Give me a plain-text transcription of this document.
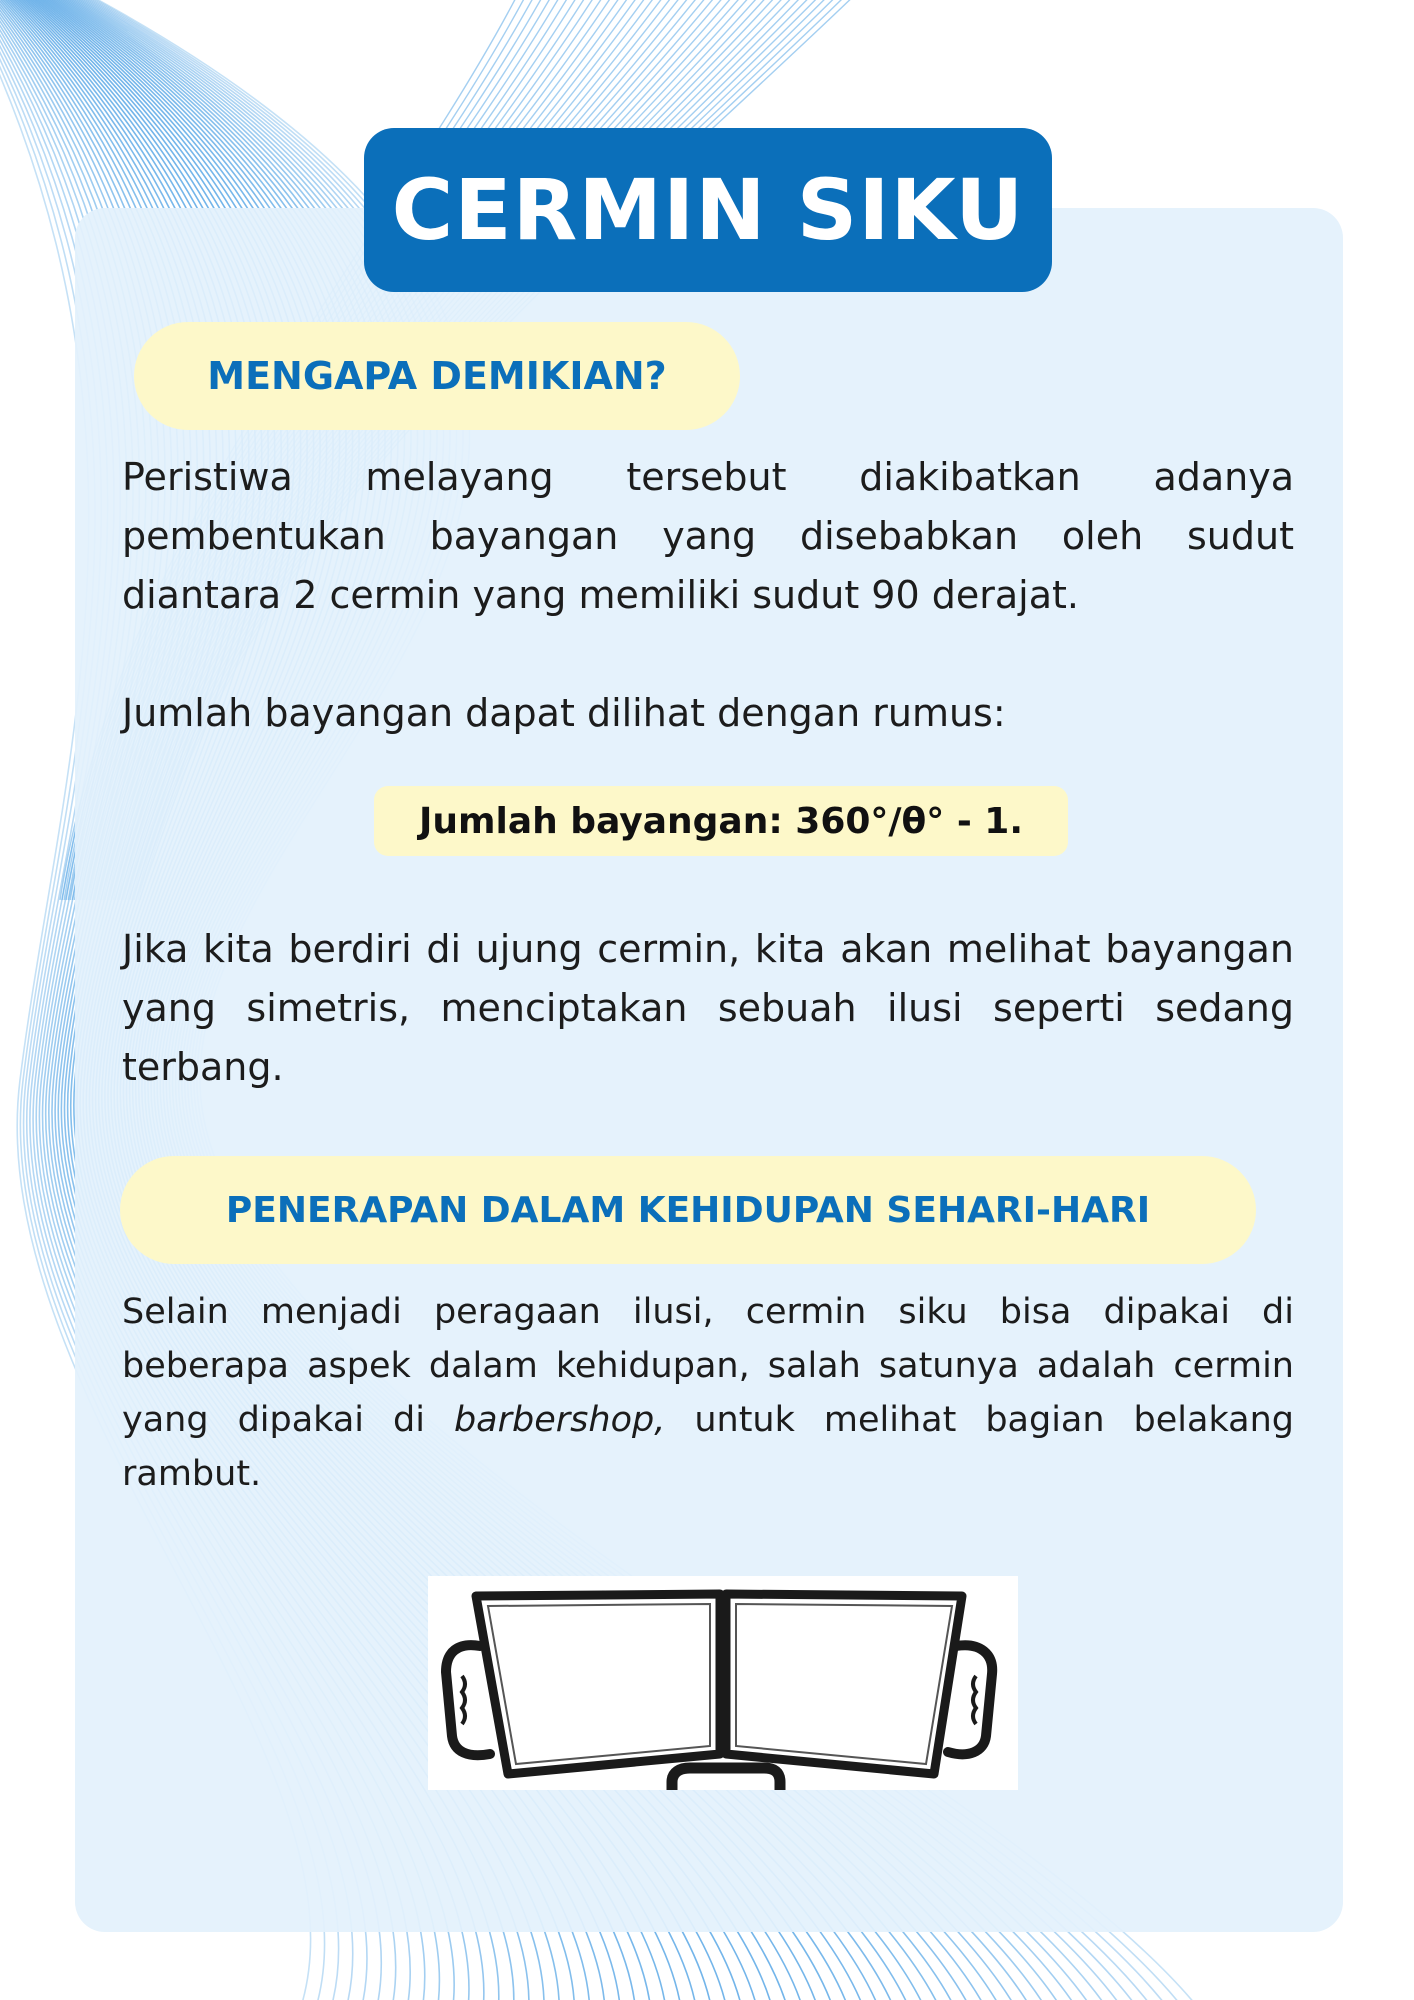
CERMIN SIKU
MENGAPA DEMIKIAN?
Peristiwa melayang tersebut diakibatkan adanya pembentukan bayangan yang disebabkan oleh sudut diantara 2 cermin yang memiliki sudut 90 derajat.
Jumlah bayangan dapat dilihat dengan rumus:
Jumlah bayangan: 360°/θ° - 1.
Jika kita berdiri di ujung cermin, kita akan melihat bayangan yang simetris, menciptakan sebuah ilusi seperti sedang terbang.
PENERAPAN DALAM KEHIDUPAN SEHARI-HARI
Selain menjadi peragaan ilusi, cermin siku bisa dipakai di beberapa aspek dalam kehidupan, salah satunya adalah cermin yang dipakai di barbershop, untuk melihat bagian belakang rambut.
